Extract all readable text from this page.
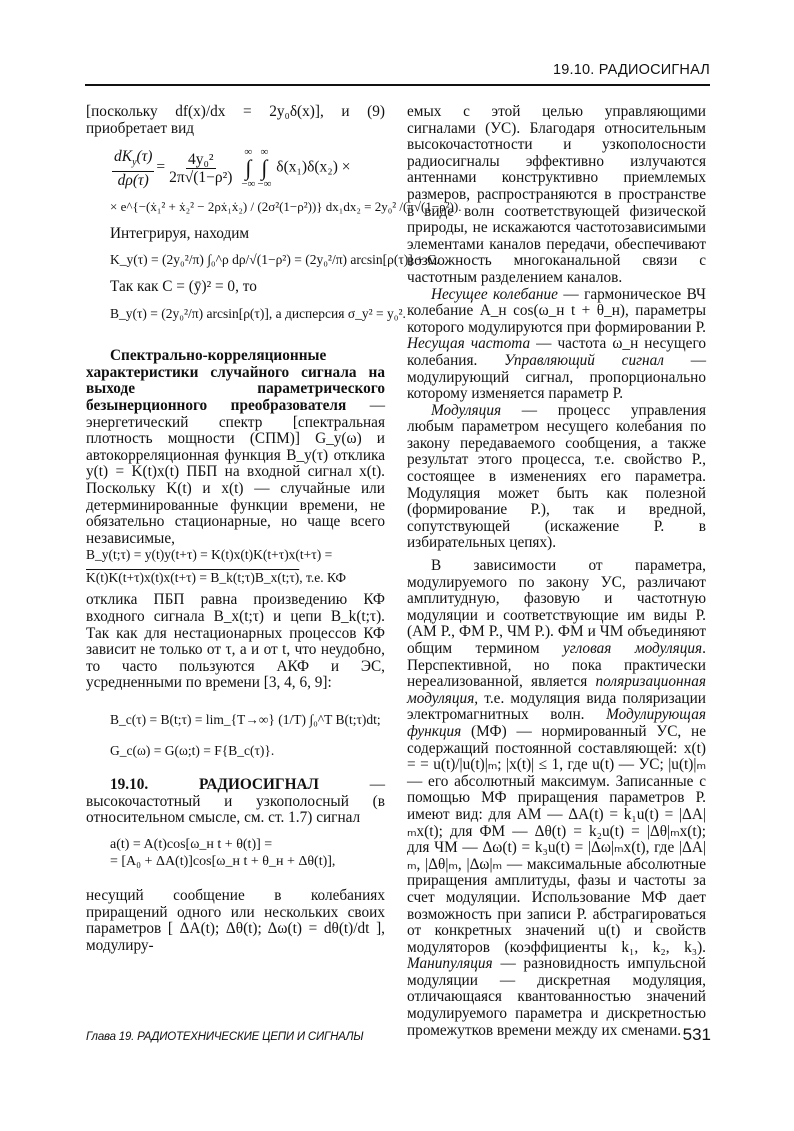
19.10. РАДИОСИГНАЛ

[поскольку df(x)/dx = 2y₀δ(x)], и (9) приобретает вид

$\frac{dK_y(\tau)}{d\rho(\tau)} = \frac{\text{4y₀²}}{\text{2π√(1−ρ²)}}$
∞
∫
−∞
∞
∫
−∞
δ(x₁)δ(x₂) ×
× e^{−(ẋ₁² + ẋ₂² − 2ρẋ₁ẋ₂) / (2σ²(1−ρ²))} dx₁dx₂ = 2y₀² /(π√(1−ρ²)).

Интегрируя, находим

K_y(τ) = (2y₀²/π) ∫₀^ρ dρ/√(1−ρ²) = (2y₀²/π) arcsin[ρ(τ)] + C.

Так как C = (ȳ)² = 0, то

B_y(τ) = (2y₀²/π) arcsin[ρ(τ)], а дисперсия σ_y² = y₀².

Спектрально-корреляционные характеристики случайного сигнала на выходе параметрического безынерционного преобразователя — энергетический спектр [спектральная плотность мощности (СПМ)] G_y(ω) и автокорреляционная функция B_y(τ) отклика y(t) = K(t)x(t) ПБП на входной сигнал x(t). Поскольку K(t) и x(t) — случайные или детерминированные функции времени, не обязательно стационарные, но чаще всего независимые,

B_y(t;τ) = y(t)y(t+τ) = K(t)x(t)K(t+τ)x(t+τ) =
K(t)K(t+τ)x(t)x(t+τ) = B_k(t;τ)B_x(t;τ), т.е. КФ

отклика ПБП равна произведению КФ входного сигнала B_x(t;τ) и цепи B_k(t;τ). Так как для нестационарных процессов КФ зависит не только от τ, а и от t, что неудобно, то часто пользуются АКФ и ЭС, усредненными по времени [3, 4, 6, 9]:

B_c(τ) = B(t;τ) = lim_{T→∞} (1/T) ∫₀^T B(t;τ)dt;
G_c(ω) = G(ω;t) = F{B_c(τ)}.

19.10. РАДИОСИГНАЛ	— высокочастотный и узкополосный (в относительном смысле, см. ст. 1.7) сигнал

a(t) = A(t)cos[ω_н t + θ(t)] =
= [A₀ + ΔA(t)]cos[ω_н t + θ_н + Δθ(t)],

несущий сообщение в колебаниях приращений одного или нескольких своих параметров [ ΔA(t); Δθ(t); Δω(t) = dθ(t)/dt ], модулиру-

емых с этой целью управляющими сигналами (УС). Благодаря относительным высокочастотности и узкополосности радиосигналы эффективно излучаются антеннами конструктивно приемлемых размеров, распространяются в пространстве в виде волн соответствующей физической природы, не искажаются частотозависимыми элементами каналов передачи, обеспечивают возможность многоканальной связи с частотным разделением каналов.

Несущее колебание — гармоническое ВЧ колебание A_н cos(ω_н t + θ_н), параметры которого модулируются при формировании Р. Несущая частота — частота ω_н несущего колебания. Управляющий сигнал — модулирующий сигнал, пропорционально которому изменяется параметр Р.

Модуляция — процесс управления любым параметром несущего колебания по закону передаваемого сообщения, а также результат этого процесса, т.е. свойство Р., состоящее в изменениях его параметра. Модуляция может быть как полезной (формирование Р.), так и вредной, сопутствующей (искажение Р. в избирательных цепях).

В зависимости от параметра, модулируемого по закону УС, различают амплитудную, фазовую и частотную модуляции и соответствующие им виды Р. (АМ Р., ФМ Р., ЧМ Р.). ФМ и ЧМ объединяют общим термином угловая модуляция. Перспективной, но пока практически нереализованной, является поляризационная модуляция, т.е. модуляция вида поляризации электромагнитных волн. Модулирующая функция (МФ) — нормированный УС, не содержащий постоянной составляющей: x(t) = = u(t)/|u(t)|ₘ; |x(t)| ≤ 1, где u(t) — УС; |u(t)|ₘ — его абсолютный максимум. Записанные с помощью МФ приращения параметров Р. имеют вид: для АМ — ΔA(t) = k₁u(t) = |ΔA|ₘx(t); для ФМ — Δθ(t) = k₂u(t) = |Δθ|ₘx(t); для ЧМ — Δω(t) = k₃u(t) = |Δω|ₘx(t), где |ΔA|ₘ, |Δθ|ₘ, |Δω|ₘ — максимальные абсолютные приращения амплитуды, фазы и частоты за счет модуляции. Использование МФ дает возможность при записи Р. абстрагироваться от конкретных значений u(t) и свойств модуляторов (коэффициенты k₁, k₂, k₃). Манипуляция — разновидность импульсной модуляции — дискретная модуляция, отличающаяся квантованностью значений модулируемого параметра и дискретностью промежутков времени между их сменами.

Глава 19. РАДИОТЕХНИЧЕСКИЕ ЦЕПИ И СИГНАЛЫ	531
